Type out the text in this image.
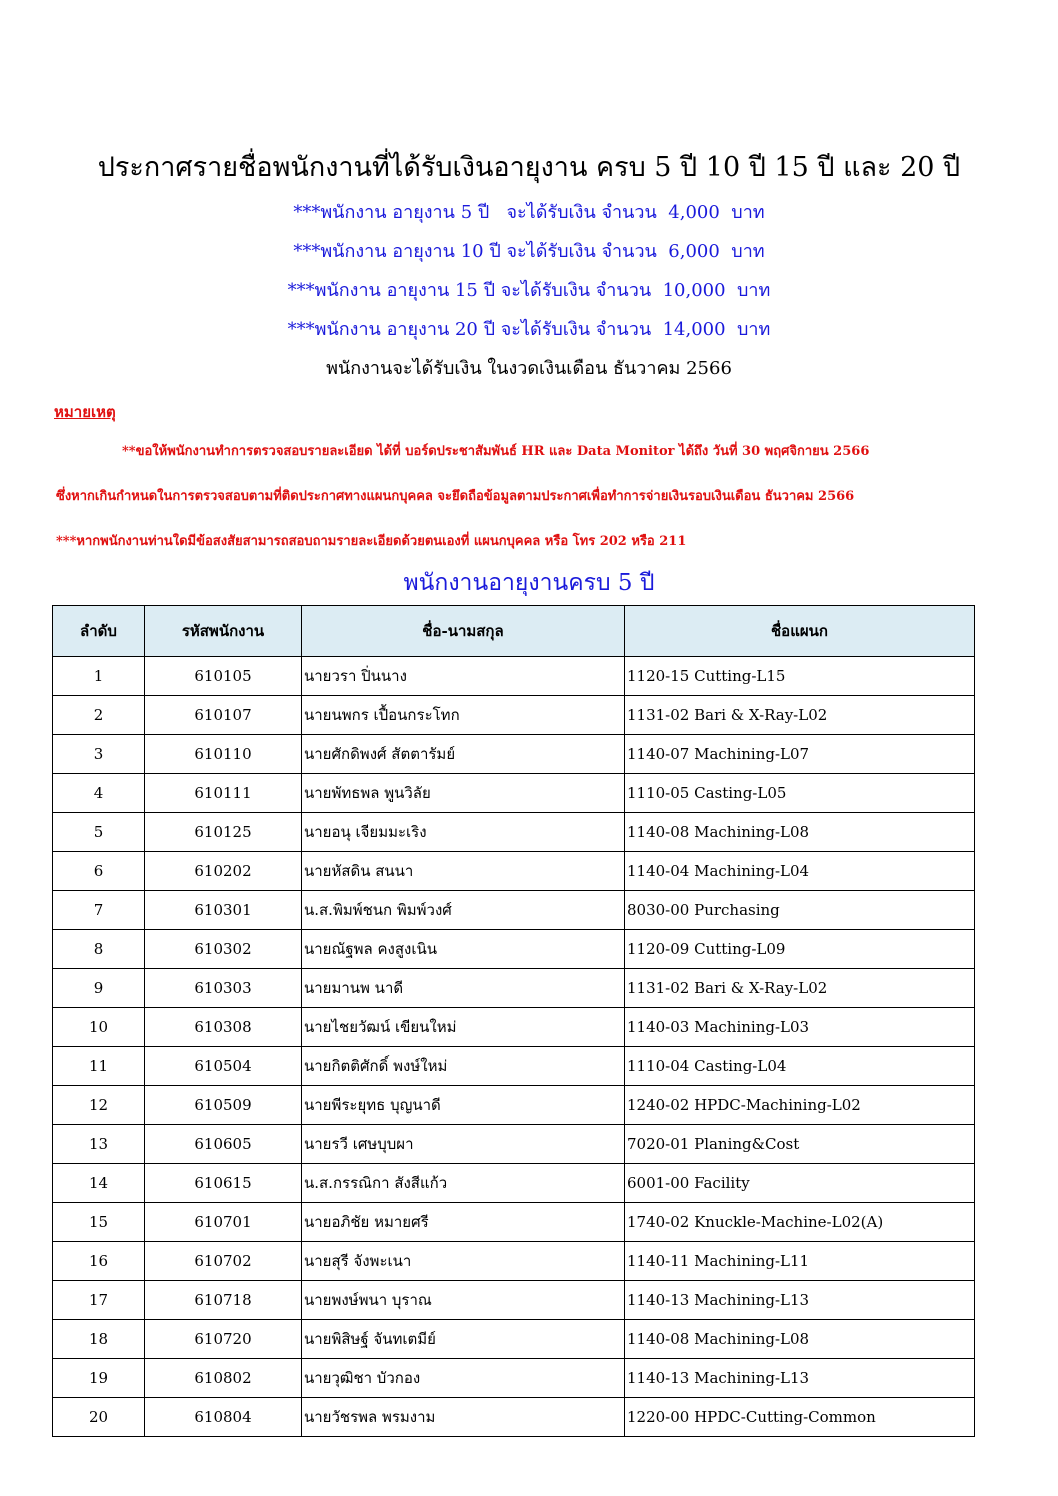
ประกาศรายชื่อพนักงานที่ได้รับเงินอายุงาน ครบ 5 ปี 10 ปี 15 ปี และ 20 ปี
***พนักงาน อายุงาน 5 ปี   จะได้รับเงิน จำนวน  4,000  บาท
***พนักงาน อายุงาน 10 ปี จะได้รับเงิน จำนวน  6,000  บาท
***พนักงาน อายุงาน 15 ปี จะได้รับเงิน จำนวน  10,000  บาท
***พนักงาน อายุงาน 20 ปี จะได้รับเงิน จำนวน  14,000  บาท
พนักงานจะได้รับเงิน ในงวดเงินเดือน ธันวาคม 2566
หมายเหตุ
**ขอให้พนักงานทำการตรวจสอบรายละเอียด ได้ที่ บอร์ดประชาสัมพันธ์ HR และ Data Monitor ได้ถึง วันที่ 30 พฤศจิกายน 2566
ซึ่งหากเกินกำหนดในการตรวจสอบตามที่ติดประกาศทางแผนกบุคคล จะยึดถือข้อมูลตามประกาศเพื่อทำการจ่ายเงินรอบเงินเดือน ธันวาคม 2566
***หากพนักงานท่านใดมีข้อสงสัยสามารถสอบถามรายละเอียดด้วยตนเองที่ แผนกบุคคล หรือ โทร 202 หรือ 211
พนักงานอายุงานครบ 5 ปี
ลำดับ	รหัสพนักงาน	ชื่อ-นามสกุล	ชื่อแผนก
1	610105	นายวรา ปิ่นนาง	1120-15 Cutting-L15
2	610107	นายนพกร เปื้อนกระโทก	1131-02 Bari & X-Ray-L02
3	610110	นายศักดิพงศ์ สัตตารัมย์	1140-07 Machining-L07
4	610111	นายพัทธพล พูนวิลัย	1110-05 Casting-L05
5	610125	นายอนุ เจียมมะเริง	1140-08 Machining-L08
6	610202	นายหัสดิน สนนา	1140-04 Machining-L04
7	610301	น.ส.พิมพ์ชนก พิมพ์วงศ์	8030-00 Purchasing
8	610302	นายณัฐพล คงสูงเนิน	1120-09 Cutting-L09
9	610303	นายมานพ นาดี	1131-02 Bari & X-Ray-L02
10	610308	นายไชยวัฒน์ เขียนใหม่	1140-03 Machining-L03
11	610504	นายกิตติศักดิ์ พงษ์ใหม่	1110-04 Casting-L04
12	610509	นายพีระยุทธ บุญนาดี	1240-02 HPDC-Machining-L02
13	610605	นายรวี เศษบุบผา	7020-01 Planing&Cost
14	610615	น.ส.กรรณิกา สังสีแก้ว	6001-00 Facility
15	610701	นายอภิชัย หมายศรี	1740-02 Knuckle-Machine-L02(A)
16	610702	นายสุรี จังพะเนา	1140-11 Machining-L11
17	610718	นายพงษ์พนา บุราณ	1140-13 Machining-L13
18	610720	นายพิสิษฐ์ จันทเตมีย์	1140-08 Machining-L08
19	610802	นายวุฒิชา บัวกอง	1140-13 Machining-L13
20	610804	นายวัชรพล พรมงาม	1220-00 HPDC-Cutting-Common
